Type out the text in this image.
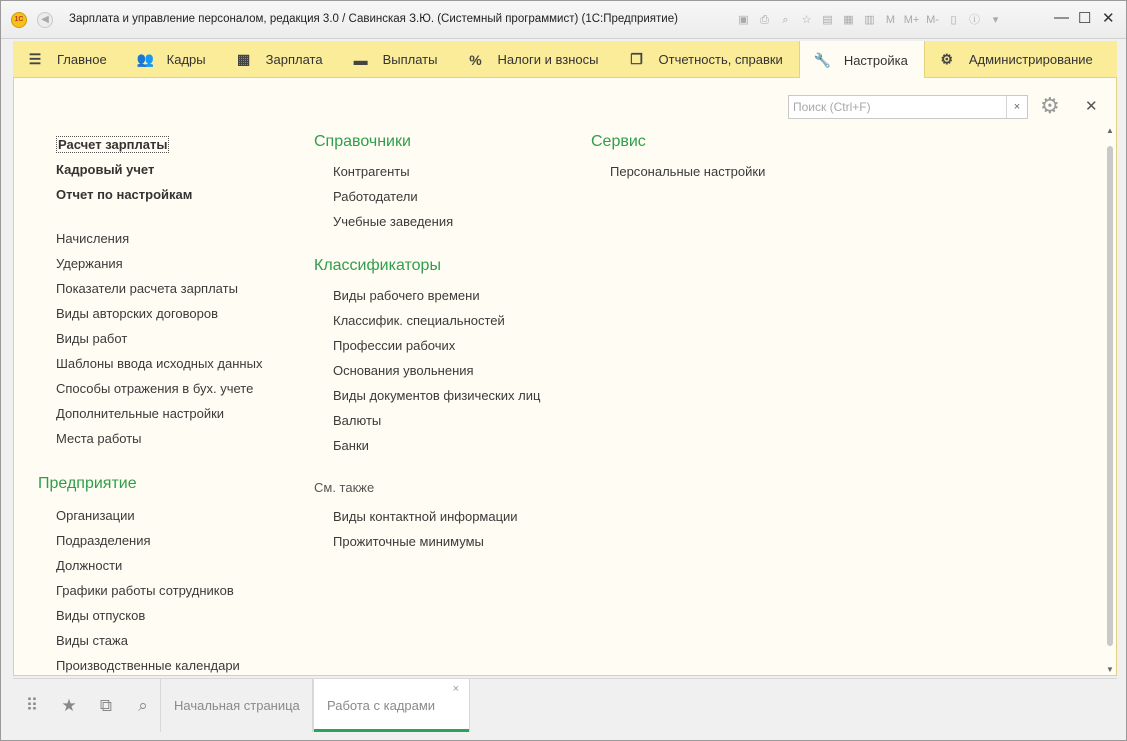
1С	◀	Зарплата и управление персоналом, редакция 3.0 / Савинская З.Ю. (Системный программист) (1С:Предприятие)	▣	⎙	⌕	☆ ▤ ▦ ▥	M M+ M-	▯	ⓘ	▾	— ☐ ✕
☰ Главное 👥 Кадры ▦ Зарплата ▬ Выплаты % Налоги и взносы ❐ Отчетность, справки 🔧 Настройка ⚙ Администрирование
Поиск (Ctrl+F)
× ⚙ ✕
Расчет зарплаты
Кадровый учет
Отчет по настройкам
Начисления
Удержания
Показатели расчета зарплаты
Виды авторских договоров
Виды работ
Шаблоны ввода исходных данных
Способы отражения в бух. учете
Дополнительные настройки
Места работы
Предприятие
Организации
Подразделения
Должности
Графики работы сотрудников
Виды отпусков
Виды стажа
Производственные календари
Справочники
Контрагенты
Работодатели
Учебные заведения
Классификаторы
Виды рабочего времени
Классифик. специальностей
Профессии рабочих
Основания увольнения
Виды документов физических лиц
Валюты
Банки
См. также
Виды контактной информации
Прожиточные минимумы
Сервис
Персональные настройки
▲
▼
⠿ ★ ⧉	⌕	Начальная страница	Работа с кадрами
×
